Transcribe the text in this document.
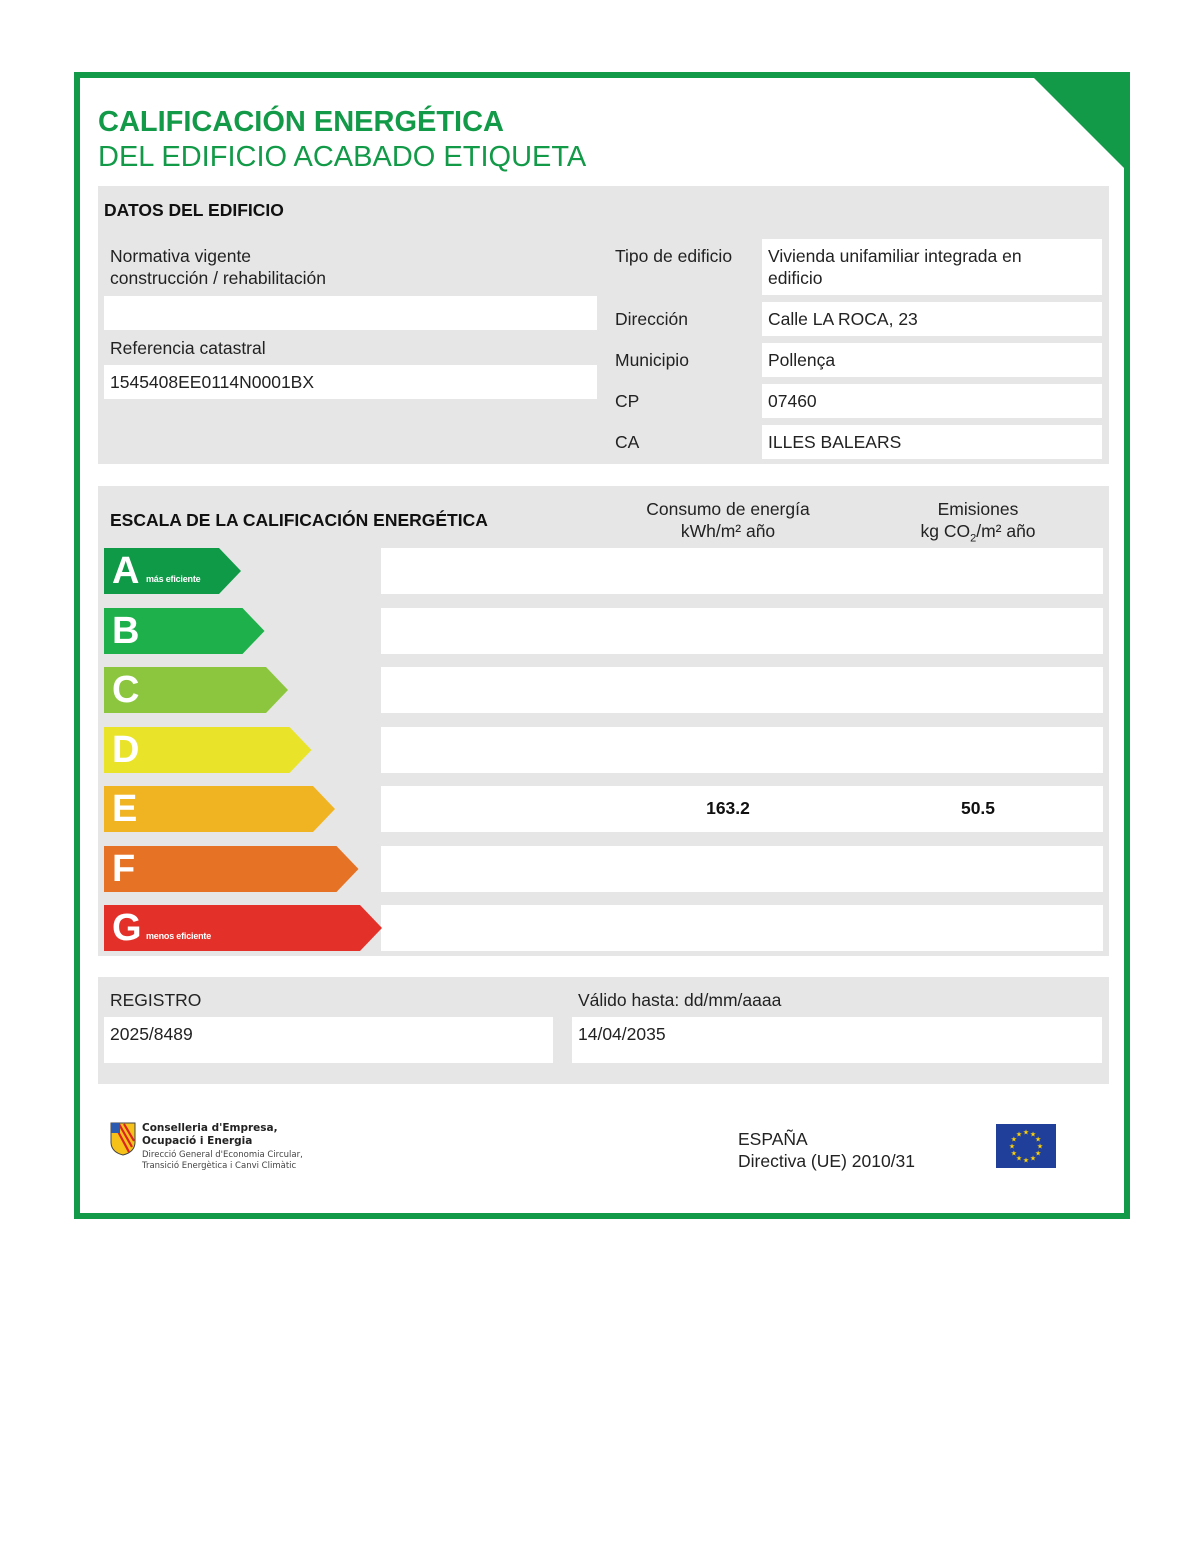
CALIFICACIÓN ENERGÉTICA
DEL EDIFICIO ACABADO ETIQUETA
DATOS DEL EDIFICIO
Normativa vigente
construcción / rehabilitación
Referencia catastral
1545408EE0114N0001BX
Tipo de edificio Vivienda unifamiliar integrada en
edificio
Dirección	Calle LA ROCA, 23
Municipio	Pollença
CP	07460
CA	ILLES BALEARS
ESCALA DE LA CALIFICACIÓN ENERGÉTICA
Consumo de energía
kWh/m² año
Emisiones
kg $CO_2/m^2$ año
A más eficiente
B
C
D
E	163.2	50.5
F
G menos eficiente
REGISTRO
2025/8489
Válido hasta: dd/mm/aaaa
14/04/2035
Conselleria d'Empresa,
Ocupació i Energia
Direcció General d'Economia Circular,
Transició Energètica i Canvi Climàtic
ESPAÑA
Directiva (UE) 2010/31
★
★
★
★
★
★
★
★
★ ★ ★
★
